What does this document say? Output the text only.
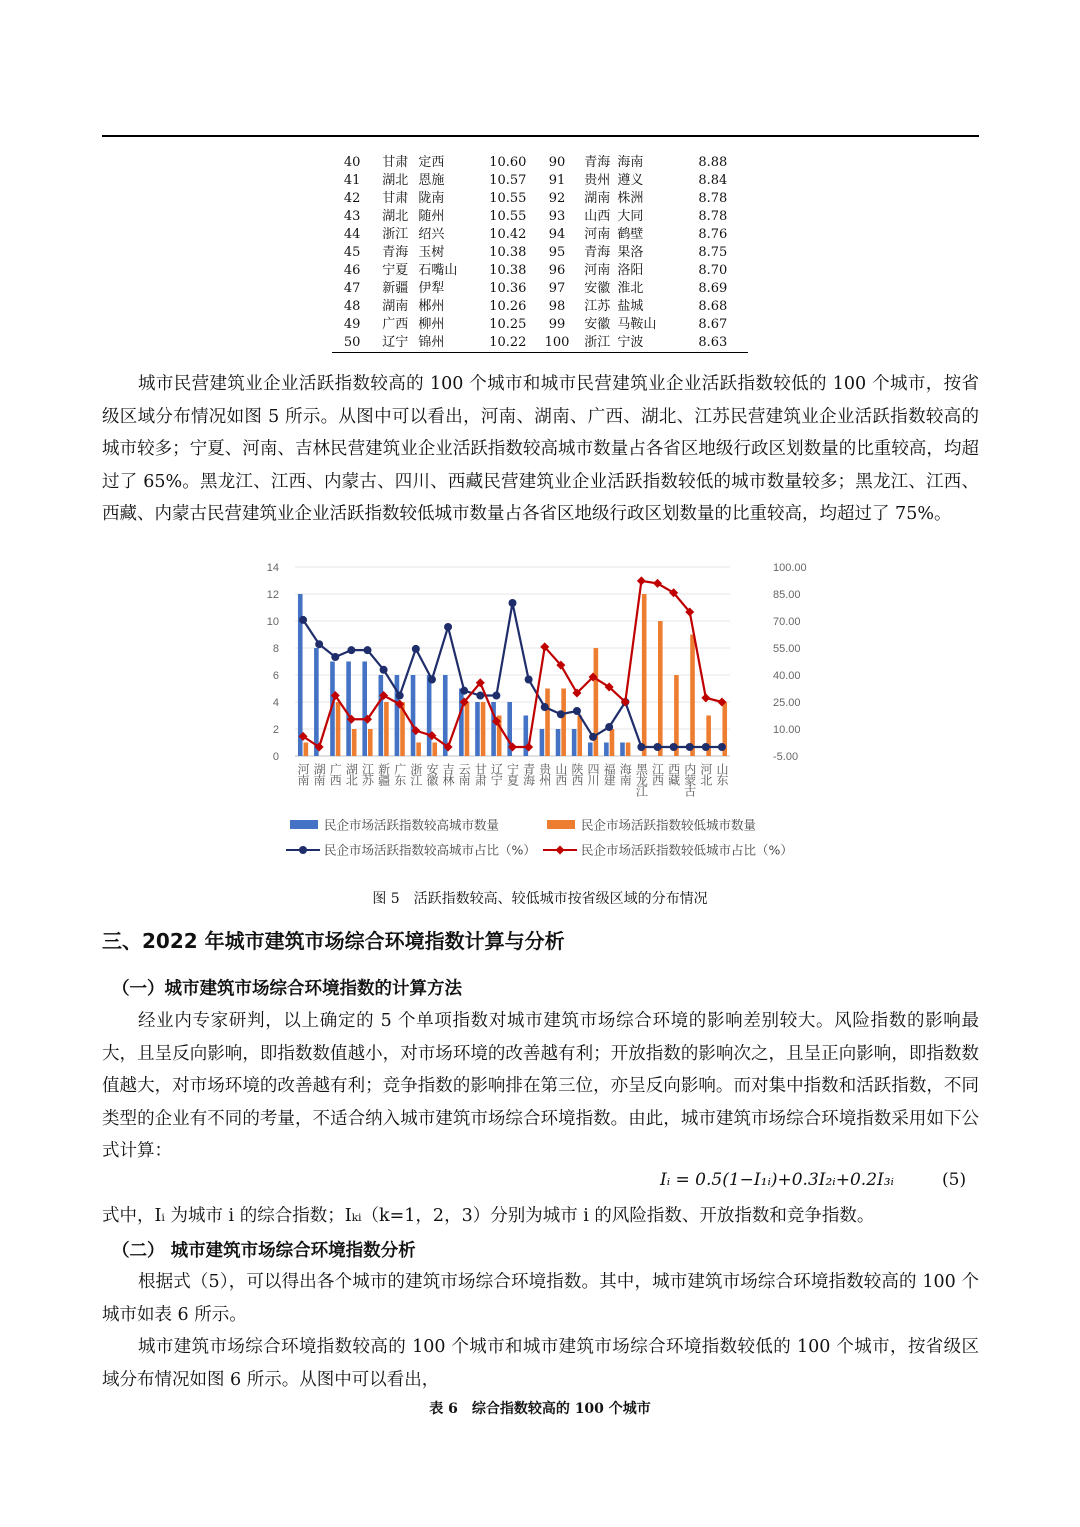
40	甘肃	定西	10.60	90	青海	海南	8.88
41	湖北	恩施	10.57	91	贵州	遵义	8.84
42	甘肃	陇南	10.55	92	湖南	株洲	8.78
43	湖北	随州	10.55	93	山西	大同	8.78
44	浙江	绍兴	10.42	94	河南	鹤壁	8.76
45	青海	玉树	10.38	95	青海	果洛	8.75
46	宁夏	石嘴山	10.38	96	河南	洛阳	8.70
47	新疆	伊犁	10.36	97	安徽	淮北	8.69
48	湖南	郴州	10.26	98	江苏	盐城	8.68
49	广西	柳州	10.25	99	安徽	马鞍山	8.67
50	辽宁	锦州	10.22	100	浙江	宁波	8.63

城市民营建筑业企业活跃指数较高的 100 个城市和城市民营建筑业企业活跃指数较低的 100 个城市，按省级区域分布情况如图 5 所示。从图中可以看出，河南、湖南、广西、湖北、江苏民营建筑业企业活跃指数较高的城市较多；宁夏、河南、吉林民营建筑业企业活跃指数较高城市数量占各省区地级行政区划数量的比重较高，均超过了 65%。黑龙江、江西、内蒙古、四川、西藏民营建筑业企业活跃指数较低的城市数量较多；黑龙江、江西、西藏、内蒙古民营建筑业企业活跃指数较低城市数量占各省区地级行政区划数量的比重较高，均超过了 75%。

0
2
4
6
8
10
12
14
-5.00
10.00
25.00
40.00
55.00
70.00
85.00
100.00
河南 湖南 广西 湖北 江苏 新疆 广东 浙江 安徽 吉林 云南 甘肃 辽宁 宁夏 青海 贵州 山西 陕西 四川 福建 海南 黑龙江 江西 西藏 内蒙古 河北 山东
民企市场活跃指数较高城市数量	民企市场活跃指数较低城市数量
民企市场活跃指数较高城市占比（%）	民企市场活跃指数较低城市占比（%）
图 5　活跃指数较高、较低城市按省级区域的分布情况
三、2022 年城市建筑市场综合环境指数计算与分析
（一）城市建筑市场综合环境指数的计算方法

经业内专家研判，以上确定的 5 个单项指数对城市建筑市场综合环境的影响差别较大。风险指数的影响最大，且呈反向影响，即指数数值越小，对市场环境的改善越有利；开放指数的影响次之，且呈正向影响，即指数数值越大，对市场环境的改善越有利；竞争指数的影响排在第三位，亦呈反向影响。而对集中指数和活跃指数，不同类型的企业有不同的考量，不适合纳入城市建筑市场综合环境指数。由此，城市建筑市场综合环境指数采用如下公式计算：

Iᵢ = 0.5(1−I₁ᵢ)+0.3I₂ᵢ+0.2I₃ᵢ	(5)

式中，Iᵢ 为城市 i 的综合指数；Iₖᵢ（k=1，2，3）分别为城市 i 的风险指数、开放指数和竞争指数。

（二） 城市建筑市场综合环境指数分析

根据式（5），可以得出各个城市的建筑市场综合环境指数。其中，城市建筑市场综合环境指数较高的 100 个城市如表 6 所示。

城市建筑市场综合环境指数较高的 100 个城市和城市建筑市场综合环境指数较低的 100 个城市，按省级区域分布情况如图 6 所示。从图中可以看出，

表 6　综合指数较高的 100 个城市
